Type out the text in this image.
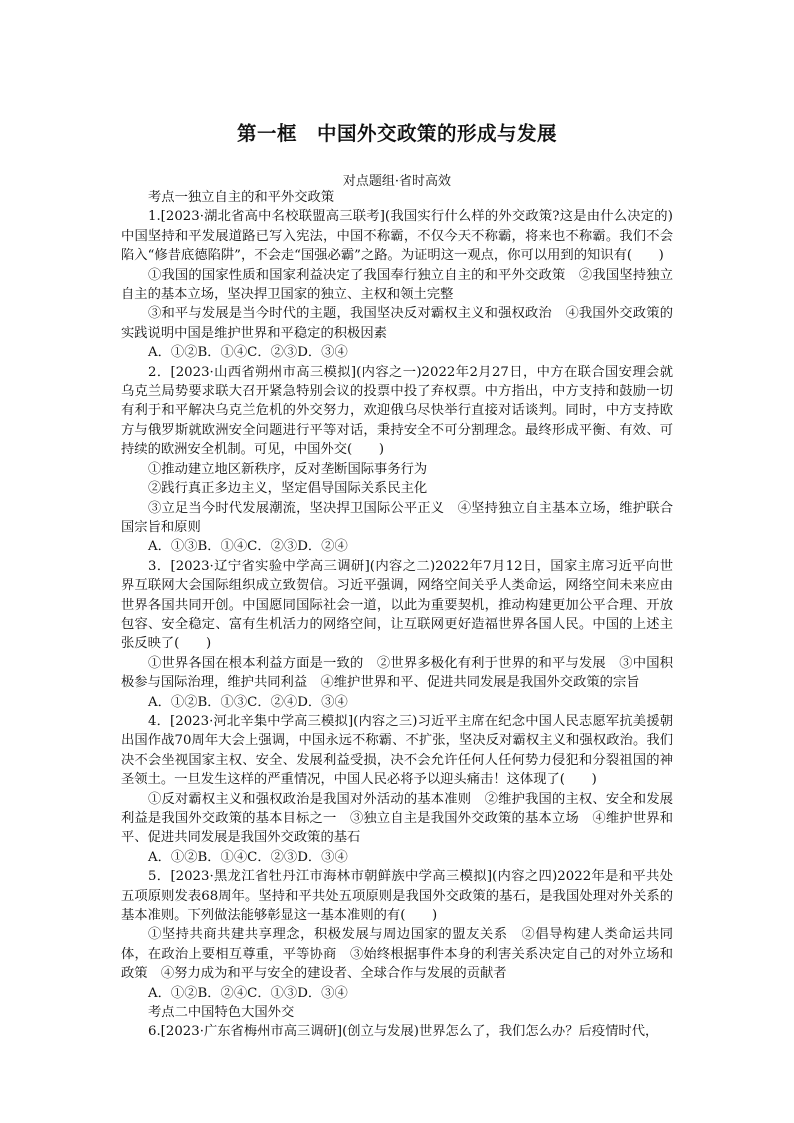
第一框　中国外交政策的形成与发展
对点题组·省时高效

考点一独立自主的和平外交政策

1.[2023·湖北省高中名校联盟高三联考](我国实行什么样的外交政策?这是由什么决定的)中国坚持和平发展道路已写入宪法，中国不称霸，不仅今天不称霸，将来也不称霸。我们不会陷入“修昔底德陷阱”，不会走“国强必霸”之路。为证明这一观点，你可以用到的知识有(　　)

①我国的国家性质和国家利益决定了我国奉行独立自主的和平外交政策　②我国坚持独立自主的基本立场，坚决捍卫国家的独立、主权和领土完整

③和平与发展是当今时代的主题，我国坚决反对霸权主义和强权政治　④我国外交政策的实践说明中国是维护世界和平稳定的积极因素

A．①②B．①④C．②③D．③④

2．[2023·山西省朔州市高三模拟](内容之一)2022年2月27日，中方在联合国安理会就乌克兰局势要求联大召开紧急特别会议的投票中投了弃权票。中方指出，中方支持和鼓励一切有利于和平解决乌克兰危机的外交努力，欢迎俄乌尽快举行直接对话谈判。同时，中方支持欧方与俄罗斯就欧洲安全问题进行平等对话，秉持安全不可分割理念。最终形成平衡、有效、可持续的欧洲安全机制。可见，中国外交(　　)

①推动建立地区新秩序，反对垄断国际事务行为

②践行真正多边主义，坚定倡导国际关系民主化

③立足当今时代发展潮流，坚决捍卫国际公平正义　④坚持独立自主基本立场，维护联合国宗旨和原则

A．①③B．①④C．②③D．②④

3．[2023·辽宁省实验中学高三调研](内容之二)2022年7月12日，国家主席习近平向世界互联网大会国际组织成立致贺信。习近平强调，网络空间关乎人类命运，网络空间未来应由世界各国共同开创。中国愿同国际社会一道，以此为重要契机，推动构建更加公平合理、开放包容、安全稳定、富有生机活力的网络空间，让互联网更好造福世界各国人民。中国的上述主张反映了(　　)

①世界各国在根本利益方面是一致的　②世界多极化有利于世界的和平与发展　③中国积极参与国际治理，维护共同利益　④维护世界和平、促进共同发展是我国外交政策的宗旨

A．①②B．①③C．②④D．③④

4．[2023·河北辛集中学高三模拟](内容之三)习近平主席在纪念中国人民志愿军抗美援朝出国作战70周年大会上强调，中国永远不称霸、不扩张，坚决反对霸权主义和强权政治。我们决不会坐视国家主权、安全、发展利益受损，决不会允许任何人任何势力侵犯和分裂祖国的神圣领土。一旦发生这样的严重情况，中国人民必将予以迎头痛击！这体现了(　　)

①反对霸权主义和强权政治是我国对外活动的基本准则　②维护我国的主权、安全和发展利益是我国外交政策的基本目标之一　③独立自主是我国外交政策的基本立场　④维护世界和平、促进共同发展是我国外交政策的基石

A．①②B．①④C．②③D．③④

5．[2023·黑龙江省牡丹江市海林市朝鲜族中学高三模拟](内容之四)2022年是和平共处五项原则发表68周年。坚持和平共处五项原则是我国外交政策的基石，是我国处理对外关系的基本准则。下列做法能够彰显这一基本准则的有(　　)

①坚持共商共建共享理念，积极发展与周边国家的盟友关系　②倡导构建人类命运共同体，在政治上要相互尊重，平等协商　③始终根据事件本身的利害关系决定自己的对外立场和政策　④努力成为和平与安全的建设者、全球合作与发展的贡献者

A．①②B．②④C．①③D．③④

考点二中国特色大国外交

6.[2023·广东省梅州市高三调研](创立与发展)世界怎么了，我们怎么办？后疫情时代，
